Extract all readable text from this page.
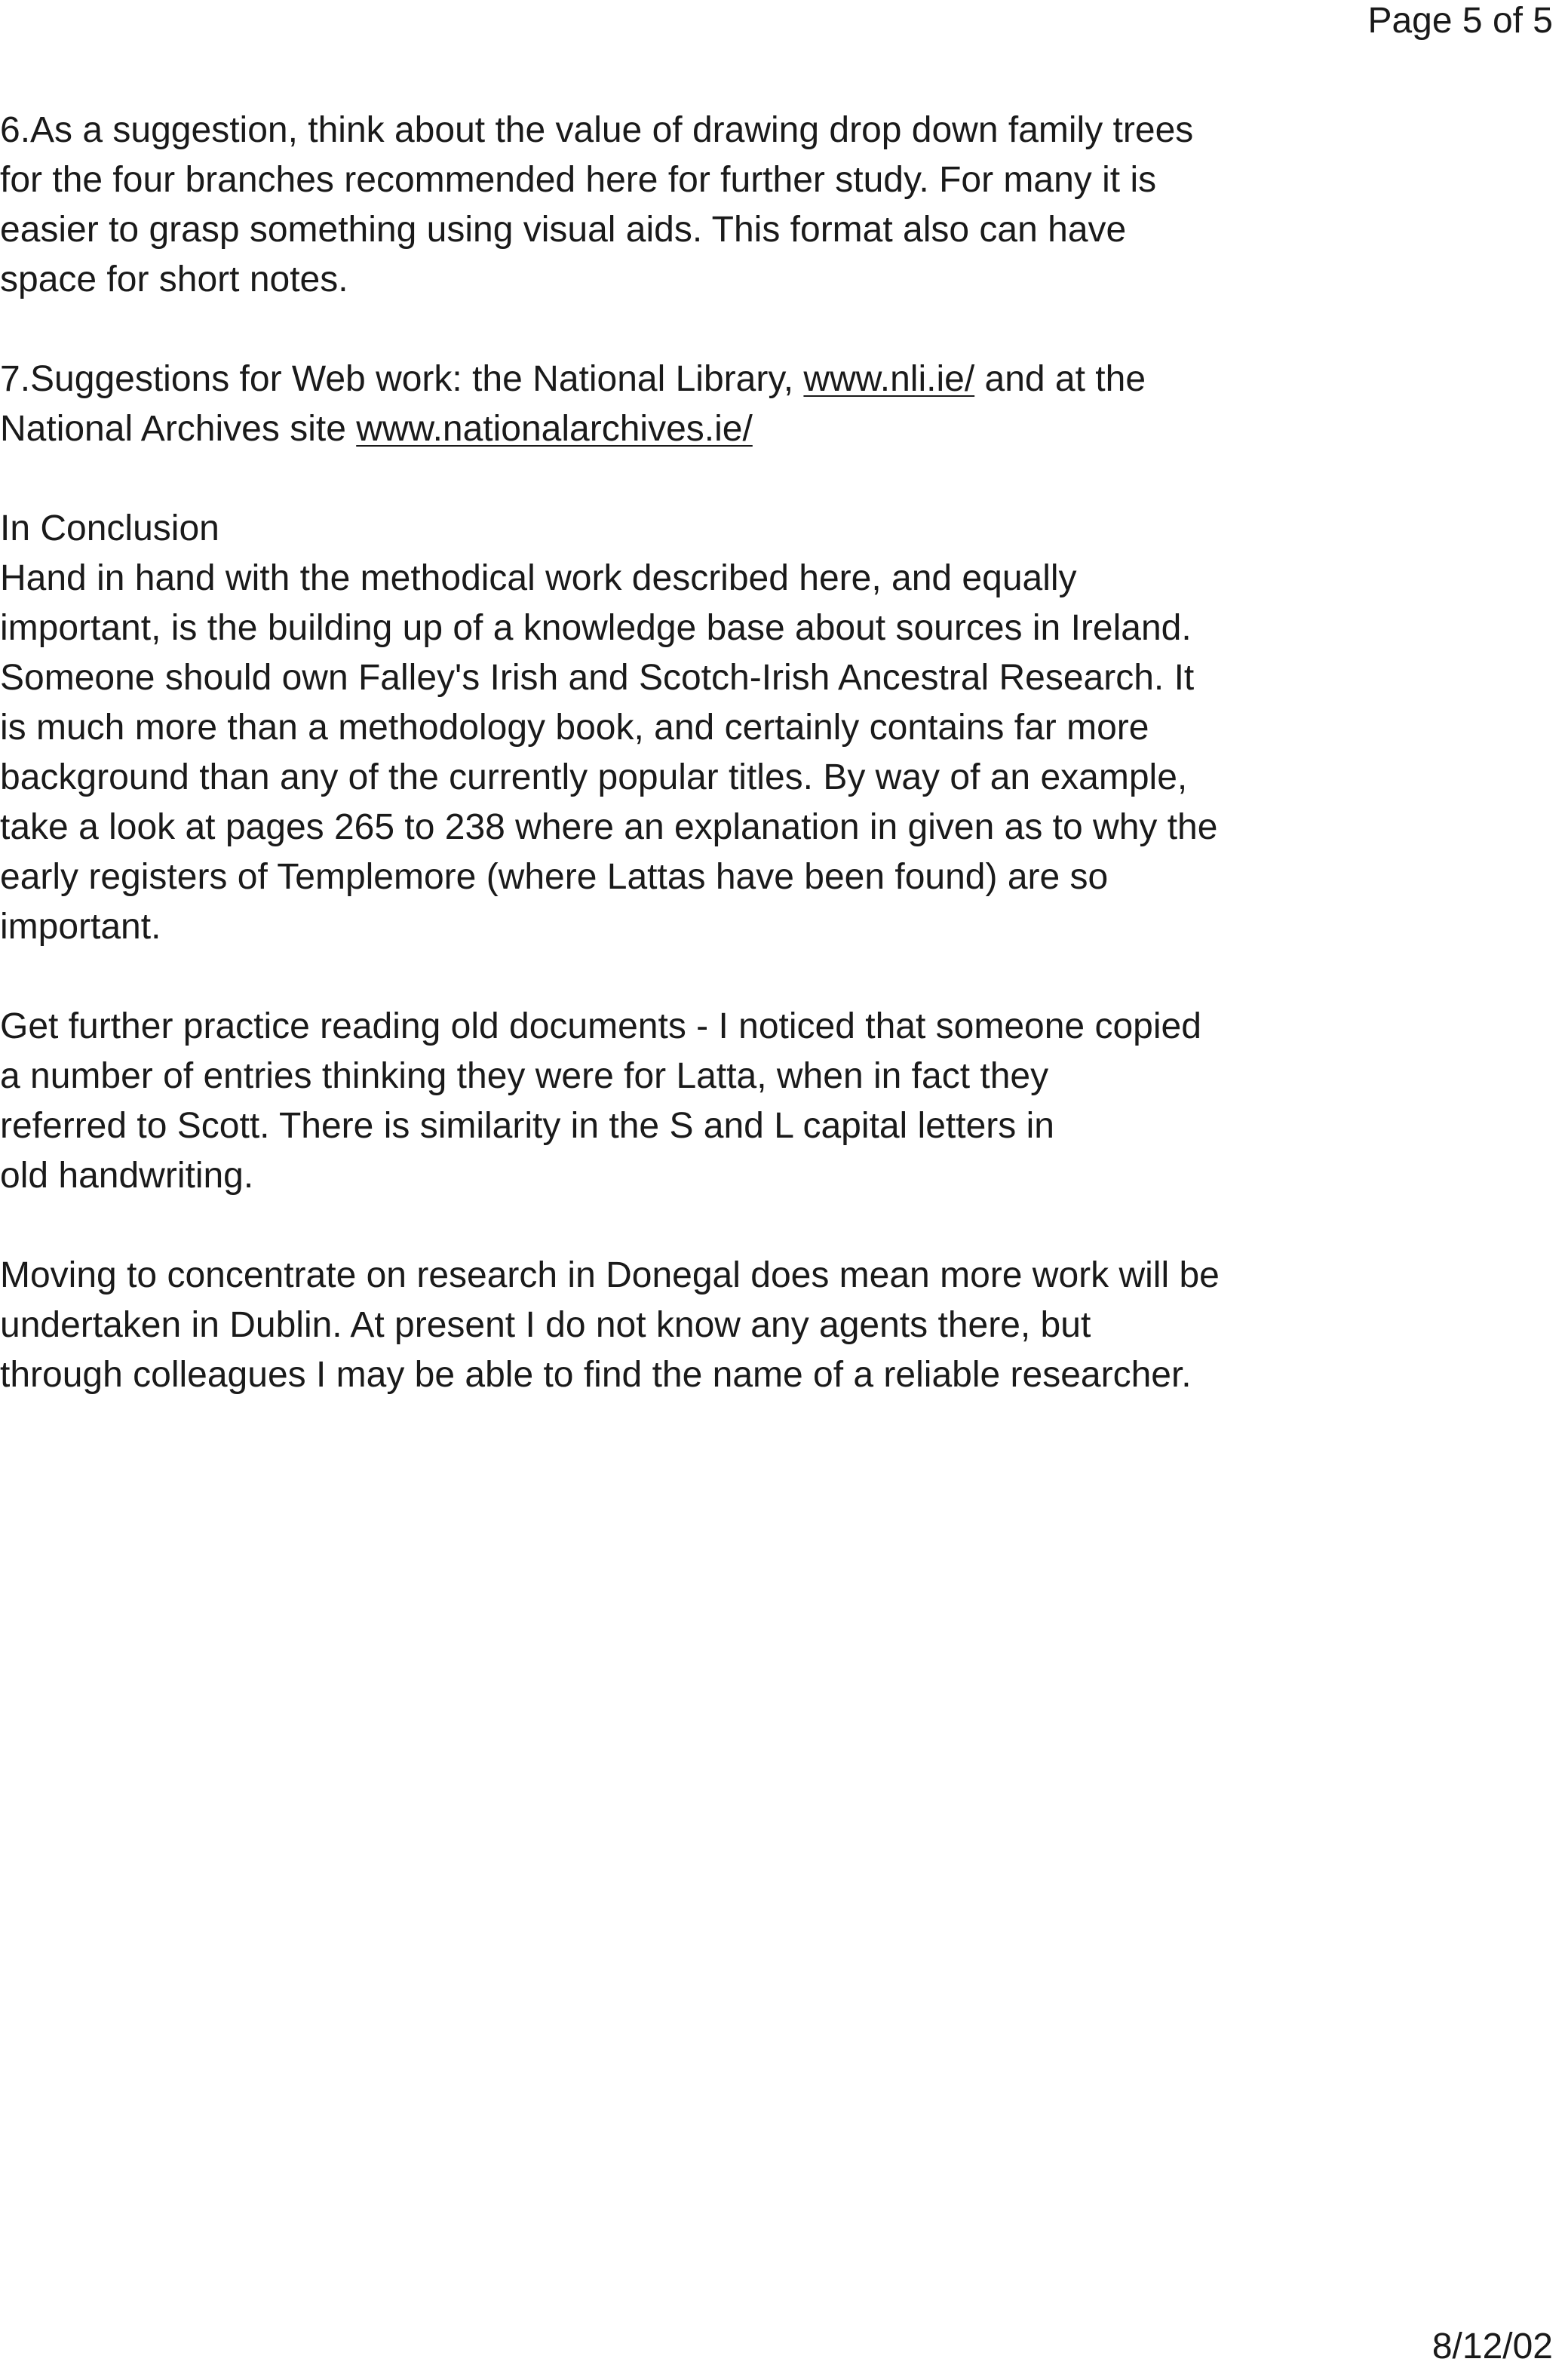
Page 5 of 5

6.As a suggestion, think about the value of drawing drop down family trees
for the four branches recommended here for further study. For many it is
easier to grasp something using visual aids. This format also can have
space for short notes.

7.Suggestions for Web work: the National Library, www.nli.ie/ and at the
National Archives site www.nationalarchives.ie/

In Conclusion

Hand in hand with the methodical work described here, and equally
important, is the building up of a knowledge base about sources in Ireland.
Someone should own Falley's Irish and Scotch-Irish Ancestral Research. It
is much more than a methodology book, and certainly contains far more
background than any of the currently popular titles. By way of an example,
take a look at pages 265 to 238 where an explanation in given as to why the
early registers of Templemore (where Lattas have been found) are so
important.

Get further practice reading old documents - I noticed that someone copied
a number of entries thinking they were for Latta, when in fact they
referred to Scott. There is similarity in the S and L capital letters in
old handwriting.

Moving to concentrate on research in Donegal does mean more work will be
undertaken in Dublin. At present I do not know any agents there, but
through colleagues I may be able to find the name of a reliable researcher.

8/12/02
